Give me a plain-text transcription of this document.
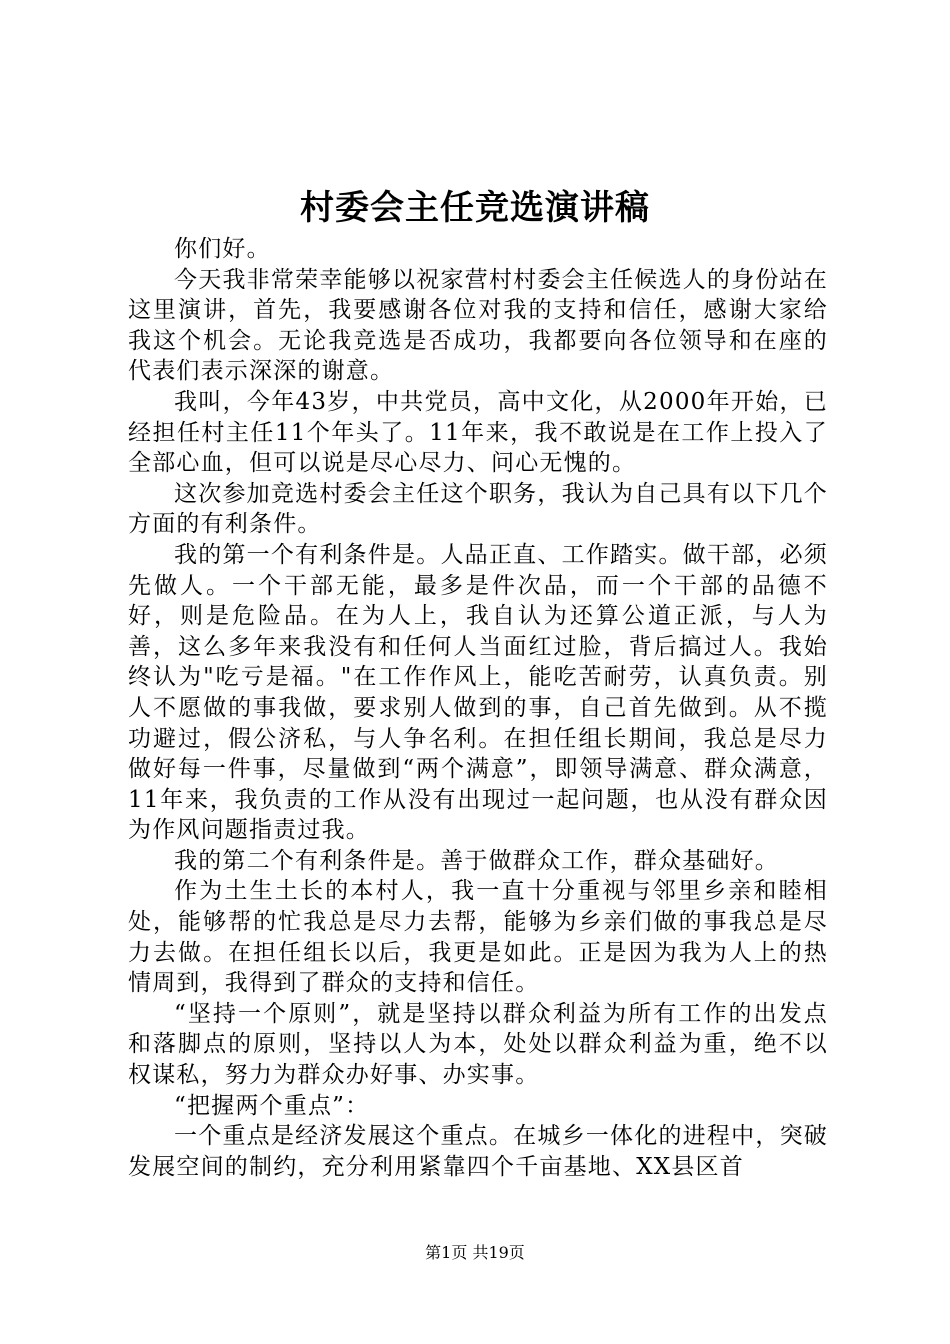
村委会主任竞选演讲稿

你们好。

今天我非常荣幸能够以祝家营村村委会主任候选人的身份站在这里演讲，首先，我要感谢各位对我的支持和信任，感谢大家给我这个机会。无论我竞选是否成功，我都要向各位领导和在座的代表们表示深深的谢意。

我叫，今年43岁，中共党员，高中文化，从2000年开始，已经担任村主任11个年头了。11年来，我不敢说是在工作上投入了全部心血，但可以说是尽心尽力、问心无愧的。

这次参加竞选村委会主任这个职务，我认为自己具有以下几个方面的有利条件。

我的第一个有利条件是。人品正直、工作踏实。做干部，必须先做人。一个干部无能，最多是件次品，而一个干部的品德不好，则是危险品。在为人上，我自认为还算公道正派，与人为善，这么多年来我没有和任何人当面红过脸，背后搞过人。我始终认为"吃亏是福。"在工作作风上，能吃苦耐劳，认真负责。别人不愿做的事我做，要求别人做到的事，自己首先做到。从不揽功避过，假公济私，与人争名利。在担任组长期间，我总是尽力做好每一件事，尽量做到“两个满意”，即领导满意、群众满意，11年来，我负责的工作从没有出现过一起问题，也从没有群众因为作风问题指责过我。

我的第二个有利条件是。善于做群众工作，群众基础好。

作为土生土长的本村人，我一直十分重视与邻里乡亲和睦相处，能够帮的忙我总是尽力去帮，能够为乡亲们做的事我总是尽力去做。在担任组长以后，我更是如此。正是因为我为人上的热情周到，我得到了群众的支持和信任。

“坚持一个原则”，就是坚持以群众利益为所有工作的出发点和落脚点的原则，坚持以人为本，处处以群众利益为重，绝不以权谋私，努力为群众办好事、办实事。

“把握两个重点”：

一个重点是经济发展这个重点。在城乡一体化的进程中，突破发展空间的制约，充分利用紧靠四个千亩基地、XX县区首

第1页 共19页
